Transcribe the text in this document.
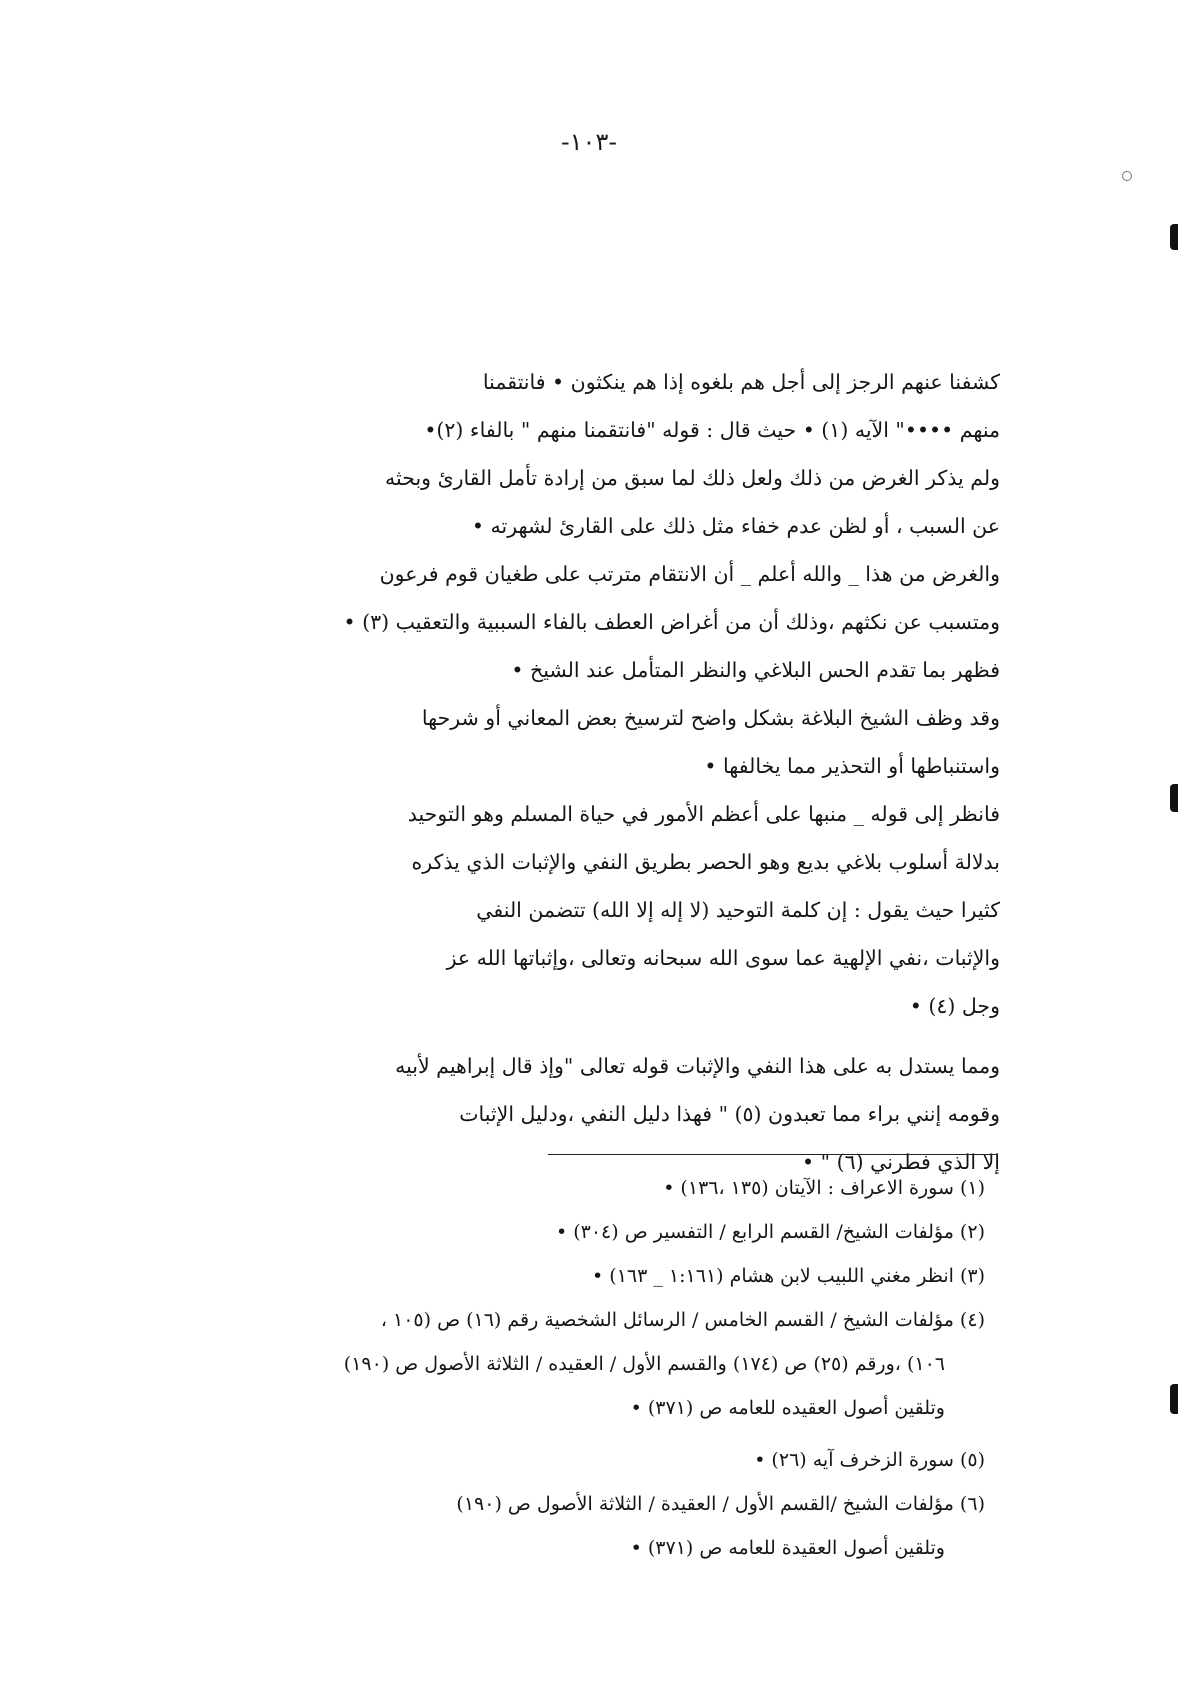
-١٠٣-
كشفنا عنهم الرجز إلى أجل هم بلغوه إذا هم ينكثون • فانتقمنا
منهم ••••" الآيه (١) • حيث قال : قوله "فانتقمنا منهم " بالفاء (٢)•
ولم يذكر الغرض من ذلك ولعل ذلك لما سبق من إرادة تأمل القارئ وبحثه
عن السبب ، أو لظن عدم خفاء مثل ذلك على القارئ لشهرته •
والغرض من هذا _ والله أعلم _ أن الانتقام مترتب على طغيان قوم فرعون
ومتسبب عن نكثهم ،وذلك أن من أغراض العطف بالفاء السببية والتعقيب (٣) •
فظهر بما تقدم الحس البلاغي والنظر المتأمل عند الشيخ •
وقد وظف الشيخ البلاغة بشكل واضح لترسيخ بعض المعاني أو شرحها
واستنباطها أو التحذير مما يخالفها •
فانظر إلى قوله _ منبها على أعظم الأمور في حياة المسلم وهو التوحيد
بدلالة أسلوب بلاغي بديع وهو الحصر بطريق النفي والإثبات الذي يذكره
كثيرا حيث يقول : إن كلمة التوحيد (لا إله إلا الله) تتضمن النفي
والإثبات ،نفي الإلهية عما سوى الله سبحانه وتعالى ،وإثباتها الله عز
وجل (٤) •
ومما يستدل به على هذا النفي والإثبات قوله تعالى "وإذ قال إبراهيم لأبيه
وقومه إنني براء مما تعبدون (٥) " فهذا دليل النفي ،ودليل الإثبات
إلا الذي فطرني (٦) " •
(١) سورة الاعراف : الآيتان (١٣٥ ،١٣٦) •
(٢) مؤلفات الشيخ/ القسم الرابع / التفسير ص (٣٠٤) •
(٣) انظر مغني اللبيب لابن هشام (١:١٦١ _ ١٦٣) •
(٤) مؤلفات الشيخ / القسم الخامس / الرسائل الشخصية رقم (١٦) ص (١٠٥ ،
١٠٦) ،ورقم (٢٥) ص (١٧٤) والقسم الأول / العقيده / الثلاثة الأصول ص (١٩٠)
وتلقين أصول العقيده للعامه ص (٣٧١) •
(٥) سورة الزخرف آيه (٢٦) •
(٦) مؤلفات الشيخ /القسم الأول / العقيدة / الثلاثة الأصول ص (١٩٠)
وتلقين أصول العقيدة للعامه ص (٣٧١) •
